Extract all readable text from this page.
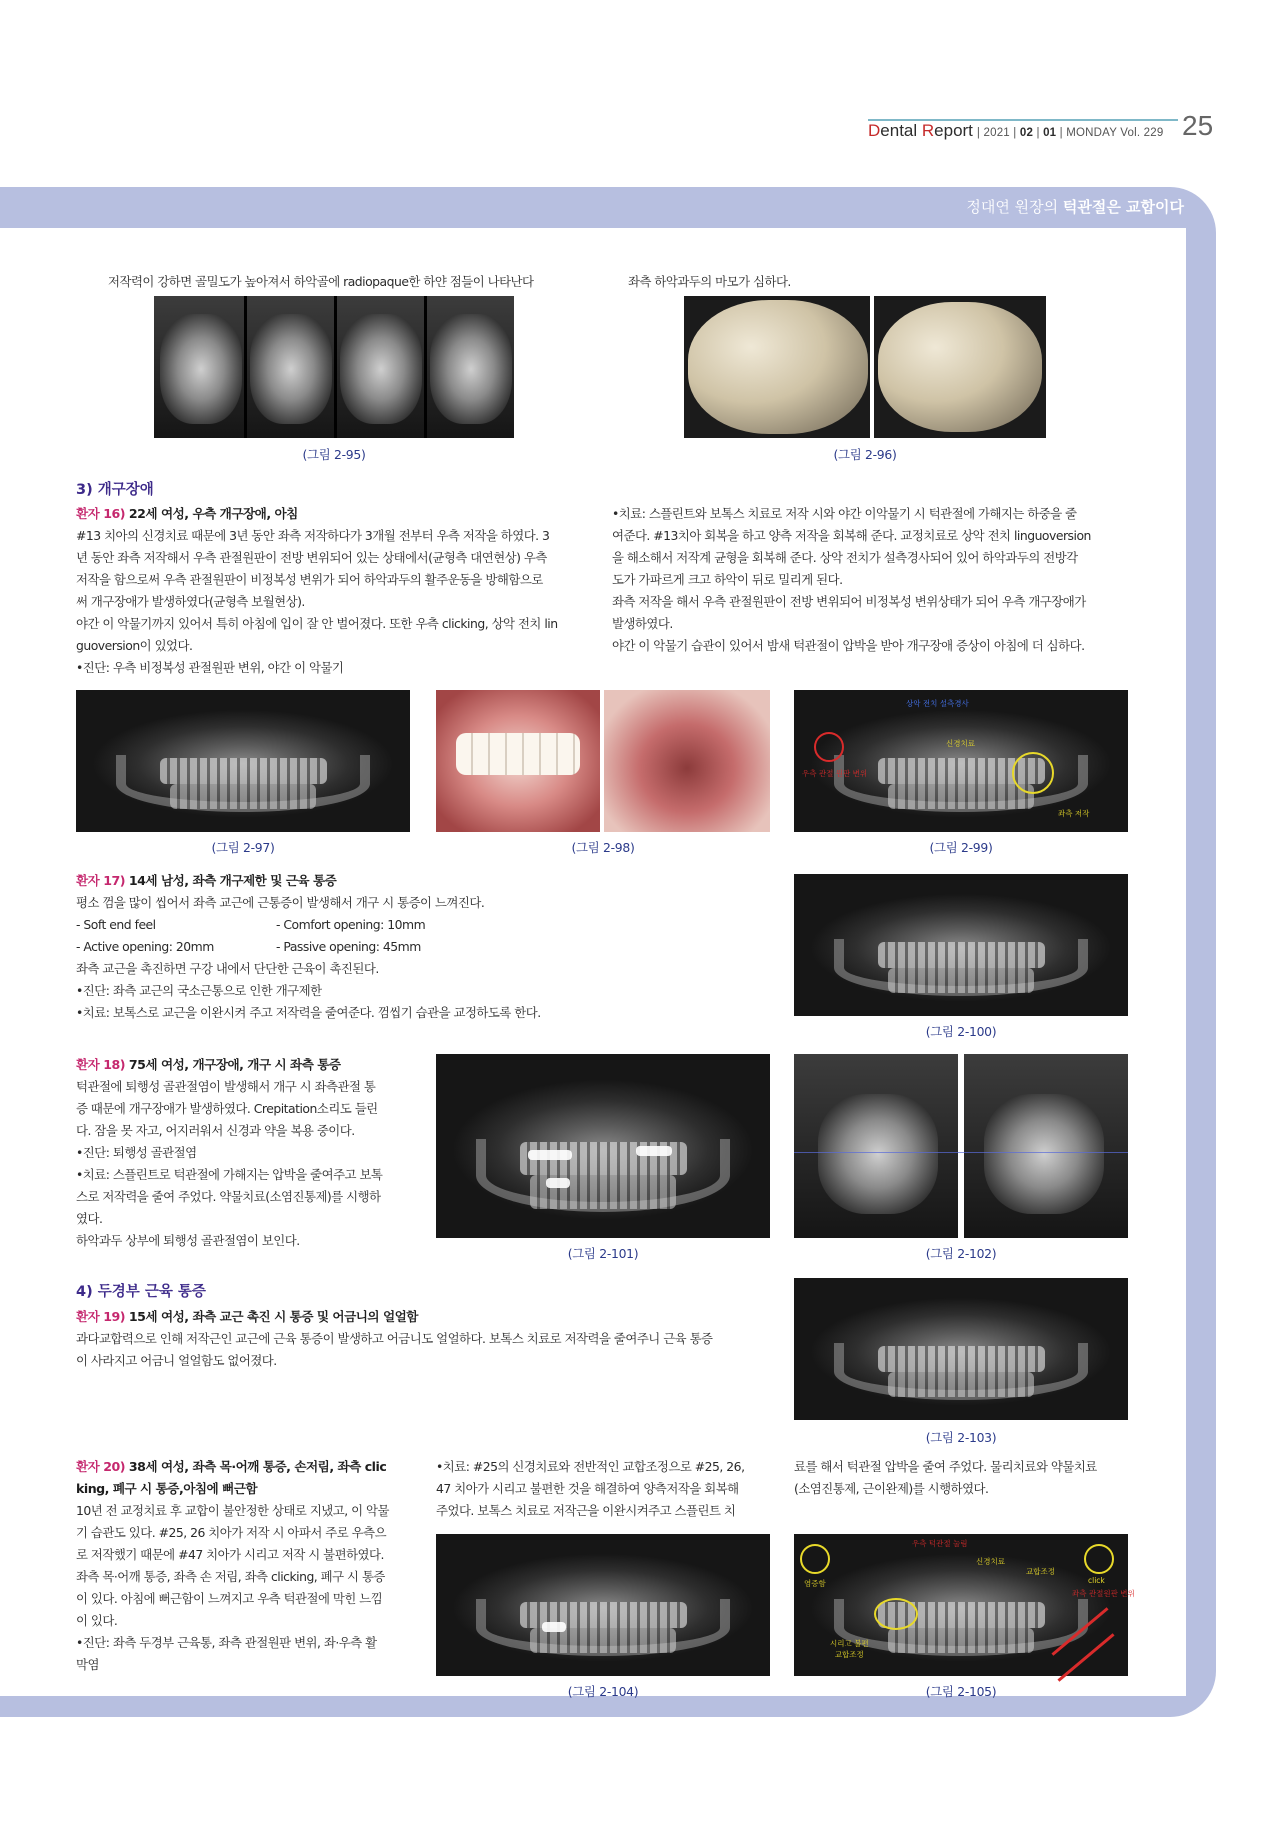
Dental Report | 2021 | 02 | 01 | MONDAY Vol. 229 25
정대연 원장의 턱관절은 교합이다
저작력이 강하면 골밀도가 높아져서 하악골에 radiopaque한 하얀 점들이 나타난다	좌측 하악과두의 마모가 심하다.
(그림 2-95)	(그림 2-96)
3) 개구장애

환자 16) 22세 여성, 우측 개구장애, 아침

#13 치아의 신경치료 때문에 3년 동안 좌측 저작하다가 3개월 전부터 우측 저작을 하였다. 3

년 동안 좌측 저작해서 우측 관절원판이 전방 변위되어 있는 상태에서(균형측 대연현상) 우측

저작을 함으로써 우측 관절원판이 비정복성 변위가 되어 하악과두의 활주운동을 방해함으로

써 개구장애가 발생하였다(균형측 보월현상).

야간 이 악물기까지 있어서 특히 아침에 입이 잘 안 벌어졌다. 또한 우측 clicking, 상악 전치 lin

guoversion이 있었다.

•진단: 우측 비정복성 관절원판 변위, 야간 이 악물기

•치료: 스플린트와 보톡스 치료로 저작 시와 야간 이악물기 시 턱관절에 가해지는 하중을 줄

여준다. #13치아 회복을 하고 양측 저작을 회복해 준다. 교정치료로 상악 전치 linguoversion

을 해소해서 저작계 균형을 회복해 준다. 상악 전치가 설측경사되어 있어 하악과두의 전방각

도가 가파르게 크고 하악이 뒤로 밀리게 된다.

좌측 저작을 해서 우측 관절원판이 전방 변위되어 비정복성 변위상태가 되어 우측 개구장애가

발생하였다.

야간 이 악물기 습관이 있어서 밤새 턱관절이 압박을 받아 개구장애 증상이 아침에 더 심하다.

(그림 2-97)	(그림 2-98)
상악 전치 설측경사
신경치료
우측 관절 원판 변위
좌측 저작
(그림 2-99)

환자 17) 14세 남성, 좌측 개구제한 및 근육 통증

평소 껌을 많이 씹어서 좌측 교근에 근통증이 발생해서 개구 시 통증이 느껴진다.

- Soft end feel	- Comfort opening: 10mm

- Active opening: 20mm	- Passive opening: 45mm

좌측 교근을 촉진하면 구강 내에서 단단한 근육이 촉진된다.

•진단: 좌측 교근의 국소근통으로 인한 개구제한

•치료: 보톡스로 교근을 이완시켜 주고 저작력을 줄여준다. 껌씹기 습관을 교정하도록 한다.

(그림 2-100)

환자 18) 75세 여성, 개구장애, 개구 시 좌측 통증

턱관절에 퇴행성 골관절염이 발생해서 개구 시 좌측관절 통

증 때문에 개구장애가 발생하였다. Crepitation소리도 들린

다. 잠을 못 자고, 어지러워서 신경과 약을 복용 중이다.

•진단: 퇴행성 골관절염

•치료: 스플린트로 턱관절에 가해지는 압박을 줄여주고 보톡

스로 저작력을 줄여 주었다. 약물치료(소염진통제)를 시행하

였다.

하악과두 상부에 퇴행성 골관절염이 보인다.

(그림 2-101)	(그림 2-102)
4) 두경부 근육 통증

환자 19) 15세 여성, 좌측 교근 촉진 시 통증 및 어금니의 얼얼함

과다교합력으로 인해 저작근인 교근에 근육 통증이 발생하고 어금니도 얼얼하다. 보톡스 치료로 저작력을 줄여주니 근육 통증

이 사라지고 어금니 얼얼함도 없어졌다.

(그림 2-103)

환자 20) 38세 여성, 좌측 목·어깨 통증, 손저림, 좌측 clic

king, 폐구 시 통증,아침에 뻐근함

10년 전 교정치료 후 교합이 불안정한 상태로 지냈고, 이 악물

기 습관도 있다. #25, 26 치아가 저작 시 아파서 주로 우측으

로 저작했기 때문에 #47 치아가 시리고 저작 시 불편하였다.

좌측 목·어깨 통증, 좌측 손 저림, 좌측 clicking, 폐구 시 통증

이 있다. 아침에 뻐근함이 느껴지고 우측 턱관절에 막힌 느낌

이 있다.

•진단: 좌측 두경부 근육통, 좌측 관절원판 변위, 좌·우측 활

막염

•치료: #25의 신경치료와 전반적인 교합조정으로 #25, 26,

47 치아가 시리고 불편한 것을 해결하여 양측저작을 회복해

주었다. 보톡스 치료로 저작근을 이완시켜주고 스플린트 치

료를 해서 턱관절 압박을 줄여 주었다. 물리치료와 약물치료

(소염진통제, 근이완제)를 시행하였다.

(그림 2-104)
우측 턱관절 눌림
신경치료
교합조정
염증함	click
좌측 관절원판 변위
시리고 불편
교합조정
(그림 2-105)
